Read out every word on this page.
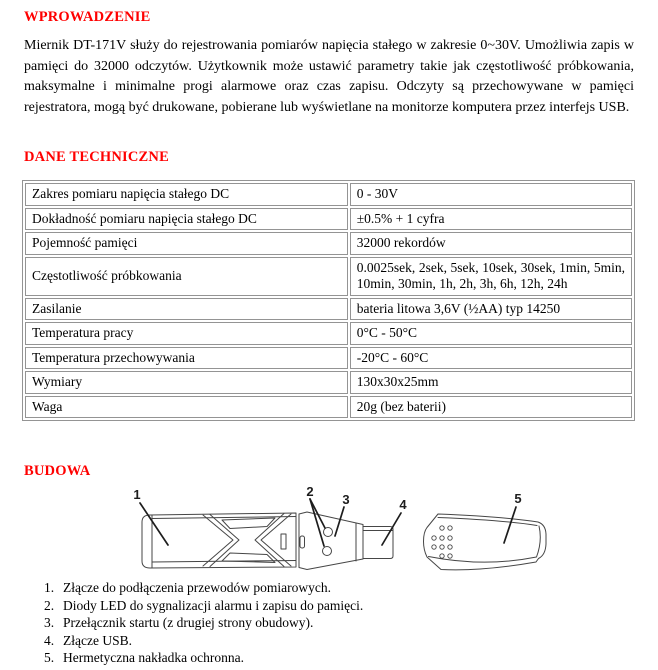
WPROWADZENIE

Miernik DT-171V służy do rejestrowania pomiarów napięcia stałego w zakresie 0~30V. Umożliwia zapis w pamięci do 32000 odczytów. Użytkownik może ustawić parametry takie jak częstotliwość próbkowania, maksymalne i minimalne progi alarmowe oraz czas zapisu. Odczyty są przechowywane w pamięci rejestratora, mogą być drukowane, pobierane lub wyświetlane na monitorze komputera przez interfejs USB.

DANE TECHNICZNE
Zakres pomiaru napięcia stałego DC	0 - 30V
Dokładność pomiaru napięcia stałego DC	±0.5% + 1 cyfra
Pojemność pamięci	32000 rekordów
Częstotliwość próbkowania	0.0025sek, 2sek, 5sek, 10sek, 30sek, 1min, 5min, 10min, 30min, 1h, 2h, 3h, 6h, 12h, 24h
Zasilanie	bateria litowa 3,6V (½AA) typ 14250
Temperatura pracy	0°C - 50°C
Temperatura przechowywania	-20°C - 60°C
Wymiary	130x30x25mm
Waga	20g (bez baterii)
BUDOWA
1	2
3	4	5
1. Złącze do podłączenia przewodów pomiarowych.
2. Diody LED do sygnalizacji alarmu i zapisu do pamięci.
3. Przełącznik startu (z drugiej strony obudowy).
4. Złącze USB.
5. Hermetyczna nakładka ochronna.
